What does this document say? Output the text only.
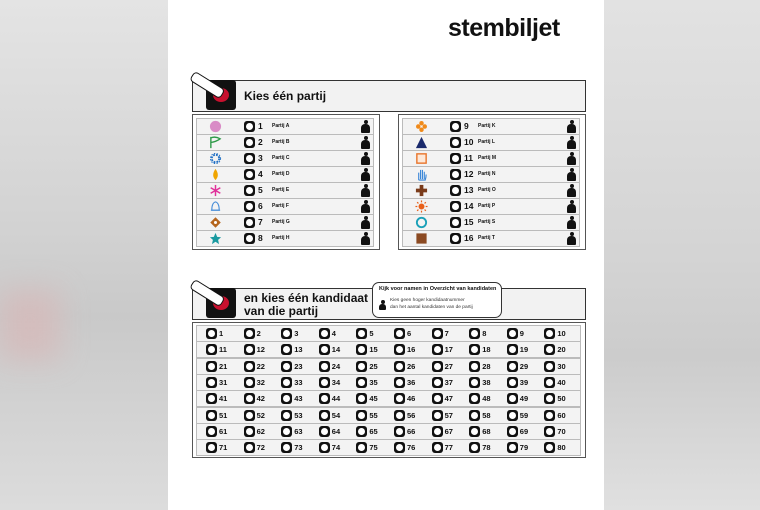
stembiljet
Kies één partij
1 Partij A
2 Partij B
3 Partij C
4 Partij D
5 Partij E
6 Partij F
7 Partij G
8 Partij H
9 Partij K
10 Partij L
11 Partij M
12 Partij N
13 Partij O
14 Partij P
15 Partij S
16 Partij T
en kies één kandidaat
van die partij
Kijk voor namen in Overzicht van kandidaten
Kies geen hoger kandidaatnummer
dan het aantal kandidaten van de partij
1	2	3	4	5	6	7	8	9	10
11	12	13	14	15	16	17	18	19	20
21	22	23	24	25	26	27	28	29	30
31	32	33	34	35	36	37	38	39	40
41	42	43	44	45	46	47	48	49	50
51	52	53	54	55	56	57	58	59	60
61	62	63	64	65	66	67	68	69	70
71	72	73	74	75	76	77	78	79	80
